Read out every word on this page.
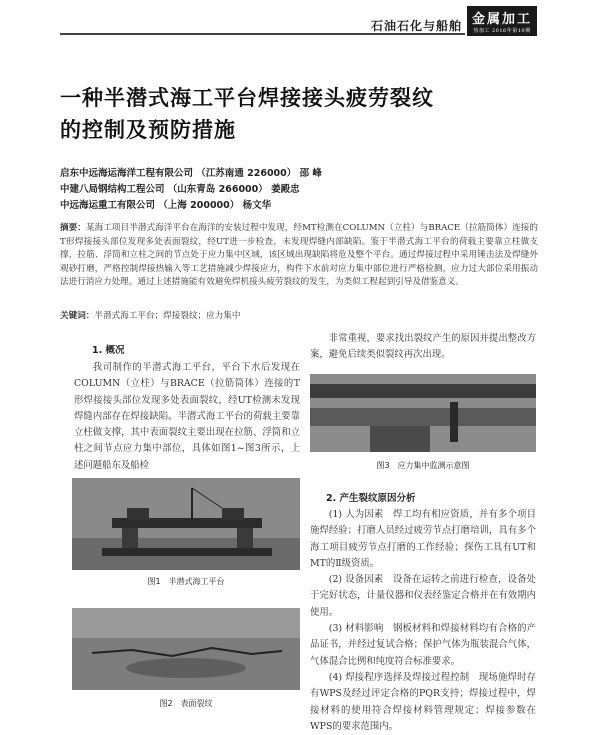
石油石化与船舶 金属加工
热加工 2016年第10期
一种半潜式海工平台焊接接头疲劳裂纹
的控制及预防措施
启东中远海运海洋工程有限公司 （江苏南通 226000） 邵 峰
中建八局钢结构工程公司 （山东青岛 266000） 姜殿忠
中远海运重工有限公司 （上海 200000） 杨文华
摘要：某海工项目半潜式海洋平台在海洋的安装过程中发现，经MT检测在COLUMN（立柱）与BRACE（拉筋筒体）连接的T形焊接接头部位发现多处表面裂纹，经UT进一步检查，未发现焊缝内部缺陷。鉴于半潜式海工平台的荷载主要靠立柱做支撑，拉筋、浮筒和立柱之间的节点处于应力集中区域，该区域出现缺陷将危及整个平台。通过焊接过程中采用锤击法及焊缝外观砂打磨，严格控制焊接热输入等工艺措施减少焊接应力，构件下水前对应力集中部位进行严格检测，应力过大部位采用振动法进行消应力处理。通过上述措施能有效避免焊机接头疲劳裂纹的发生，为类似工程起到引导及借鉴意义。
关键词：半潜式海工平台；焊接裂纹；应力集中
1. 概况

我司制作的半潜式海工平台，平台下水后发现在COLUMN（立柱）与BRACE（拉筋筒体）连接的T形焊接接头部位发现多处表面裂纹，经UT检测未发现焊缝内部存在焊接缺陷。半潜式海工平台的荷载主要靠立柱做支撑，其中表面裂纹主要出现在拉筋、浮筒和立柱之间节点应力集中部位，具体如图1~图3所示，上述问题船东及船检

图1　半潜式海工平台
图2　表面裂纹

非常重视，要求找出裂纹产生的原因并提出整改方案，避免后续类似裂纹再次出现。

图3　应力集中监测示意图
2. 产生裂纹原因分析

(1) 人为因素　焊工均有相应资质，并有多个项目施焊经验；打磨人员经过疲劳节点打磨培训，具有多个海工项目疲劳节点打磨的工作经验；探伤工具有UT和MT的Ⅱ级资质。

(2) 设备因素　设备在运转之前进行检查，设备处于完好状态，计量仪器和仪表经鉴定合格并在有效期内使用。

(3) 材料影响　钢板材料和焊接材料均有合格的产品证书，并经过复试合格；保护气体为瓶装混合气体，气体混合比例和纯度符合标准要求。

(4) 焊接程序选择及焊接过程控制　现场施焊时存有WPS及经过评定合格的PQR支持；焊接过程中，焊接材料的使用符合焊接材料管理规定；焊接参数在WPS的要求范围内。
